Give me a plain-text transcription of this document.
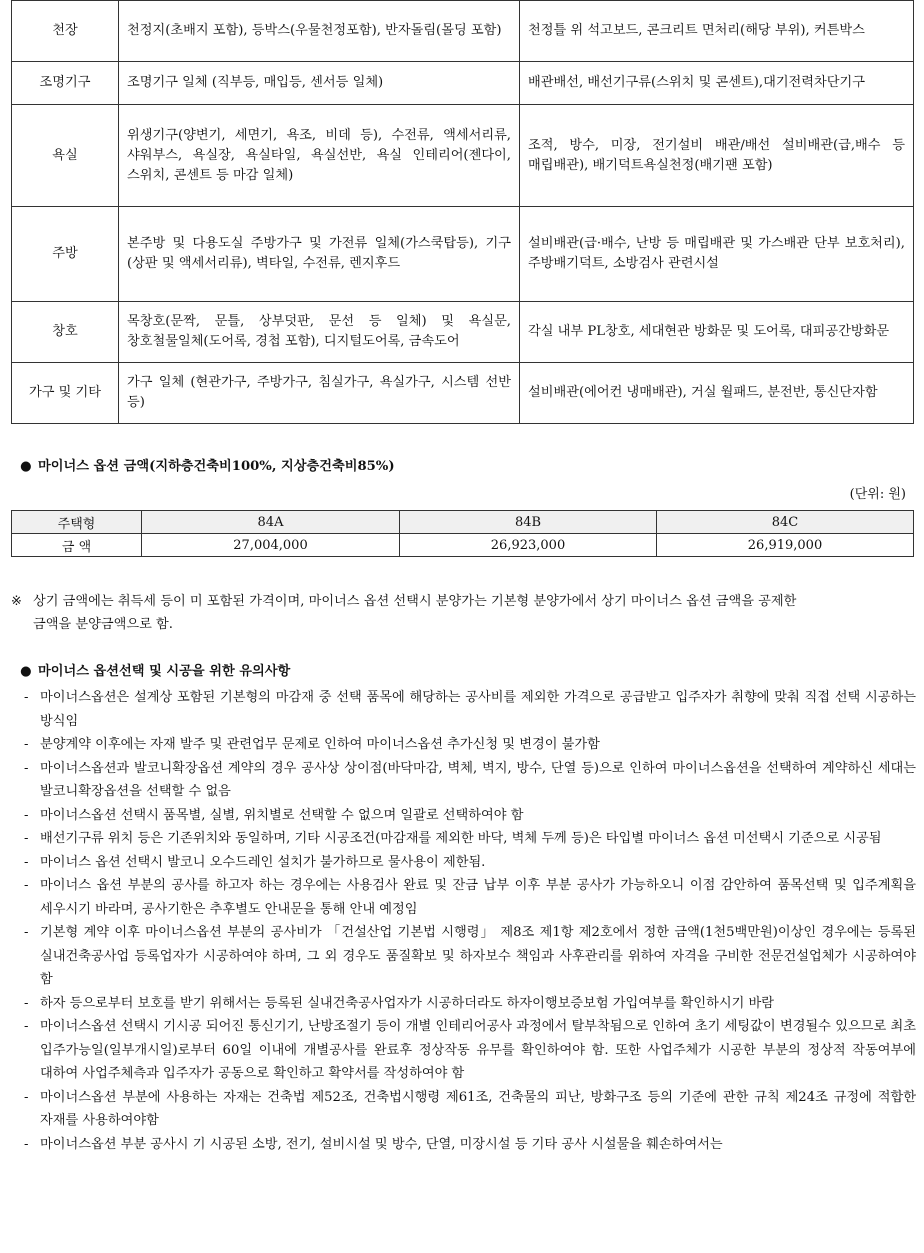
천장	천정지(초배지 포함), 등박스(우물천정포함), 반자돌림(몰딩 포함)	천정틀 위 석고보드, 콘크리트 면처리(해당 부위), 커튼박스
조명기구	조명기구 일체 (직부등, 매입등, 센서등 일체)	배관배선, 배선기구류(스위치 및 콘센트),대기전력차단기구
욕실	위생기구(양변기, 세면기, 욕조, 비데 등), 수전류, 액세서리류, 샤워부스, 욕실장, 욕실타일, 욕실선반, 욕실 인테리어(젠다이, 스위치, 콘센트 등 마감 일체)	조적, 방수, 미장, 전기설비 배관/배선 설비배관(급,배수 등 매립배관), 배기덕트욕실천정(배기팬 포함)
주방	본주방 및 다용도실 주방가구 및 가전류 일체(가스쿡탑등), 기구(상판 및 액세서리류), 벽타일, 수전류, 렌지후드	설비배관(급·배수, 난방 등 매립배관 및 가스배관 단부 보호처리), 주방배기덕트, 소방검사 관련시설
창호	목창호(문짝, 문틀, 상부덧판, 문선 등 일체) 및 욕실문, 창호철물일체(도어록, 경첩 포함), 디지털도어록, 금속도어	각실 내부 PL창호, 세대현관 방화문 및 도어록, 대피공간방화문
가구 및 기타	가구 일체 (현관가구, 주방가구, 침실가구, 욕실가구, 시스템 선반 등)	설비배관(에어컨 냉매배관), 거실 월패드, 분전반, 통신단자함
● 마이너스 옵션 금액(지하층건축비100%, 지상층건축비85%)
(단위: 원)
주택형	84A	84B	84C
금 액	27,004,000	26,923,000	26,919,000
※ 상기 금액에는 취득세 등이 미 포함된 가격이며, 마이너스 옵션 선택시 분양가는 기본형 분양가에서 상기 마이너스 옵션 금액을 공제한
금액을 분양금액으로 함.
● 마이너스 옵션선택 및 시공을 위한 유의사항
- 마이너스옵션은 설계상 포함된 기본형의 마감재 중 선택 품목에 해당하는 공사비를 제외한 가격으로 공급받고 입주자가 취향에 맞춰 직접 선택 시공하는 방식임
- 분양계약 이후에는 자재 발주 및 관련업무 문제로 인하여 마이너스옵션 추가신청 및 변경이 불가함
- 마이너스옵션과 발코니확장옵션 계약의 경우 공사상 상이점(바닥마감, 벽체, 벽지, 방수, 단열 등)으로 인하여 마이너스옵션을 선택하여 계약하신 세대는 발코니확장옵션을 선택할 수 없음
- 마이너스옵션 선택시 품목별, 실별, 위치별로 선택할 수 없으며 일괄로 선택하여야 함
- 배선기구류 위치 등은 기존위치와 동일하며, 기타 시공조건(마감재를 제외한 바닥, 벽체 두께 등)은 타입별 마이너스 옵션 미선택시 기준으로 시공됨
- 마이너스 옵션 선택시 발코니 오수드레인 설치가 불가하므로 물사용이 제한됨.
- 마이너스 옵션 부분의 공사를 하고자 하는 경우에는 사용검사 완료 및 잔금 납부 이후 부분 공사가 가능하오니 이점 감안하여 품목선택 및 입주계획을 세우시기 바라며, 공사기한은 추후별도 안내문을 통해 안내 예정임
- 기본형 계약 이후 마이너스옵션 부분의 공사비가 「건설산업 기본법 시행령」 제8조 제1항 제2호에서 정한 금액(1천5백만원)이상인 경우에는 등록된 실내건축공사업 등록업자가 시공하여야 하며, 그 외 경우도 품질확보 및 하자보수 책임과 사후관리를 위하여 자격을 구비한 전문건설업체가 시공하여야 함
- 하자 등으로부터 보호를 받기 위해서는 등록된 실내건축공사업자가 시공하더라도 하자이행보증보험 가입여부를 확인하시기 바람
- 마이너스옵션 선택시 기시공 되어진 통신기기, 난방조절기 등이 개별 인테리어공사 과정에서 탈부착됨으로 인하여 초기 세팅값이 변경될수 있으므로 최초 입주가능일(일부개시일)로부터 60일 이내에 개별공사를 완료후 정상작동 유무를 확인하여야 함. 또한 사업주체가 시공한 부분의 정상적 작동여부에 대하여 사업주체측과 입주자가 공동으로 확인하고 확약서를 작성하여야 함
- 마이너스옵션 부분에 사용하는 자재는 건축법 제52조, 건축법시행령 제61조, 건축물의 피난, 방화구조 등의 기준에 관한 규칙 제24조 규정에 적합한 자재를 사용하여야함
- 마이너스옵션 부분 공사시 기 시공된 소방, 전기, 설비시설 및 방수, 단열, 미장시설 등 기타 공사 시설물을 훼손하여서는
